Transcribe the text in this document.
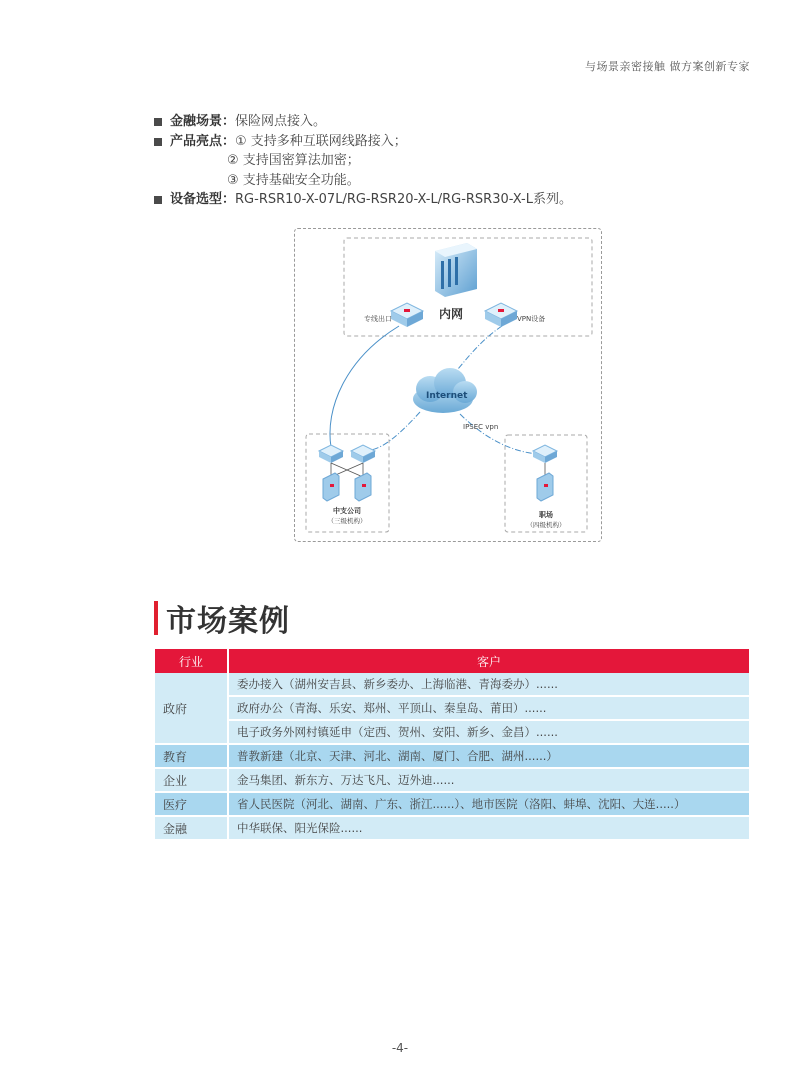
与场景亲密接触 做方案创新专家
金融场景： 保险网点接入。
产品亮点： ① 支持多种互联网线路接入；
② 支持国密算法加密；
③ 支持基础安全功能。
设备选型： RG-RSR10-X-07L/RG-RSR20-X-L/RG-RSR30-X-L系列。
内网
专线出口	VPN设备
Internet
IPSEC vpn
中支公司
（三级机构）
职场
（四级机构）
市场案例
行业	客户
政府	委办接入（湖州安吉县、新乡委办、上海临港、青海委办）......
	政府办公（青海、乐安、郑州、平顶山、秦皇岛、莆田）......
	电子政务外网村镇延申（定西、贺州、安阳、新乡、金昌）......
教育	普教新建（北京、天津、河北、湖南、厦门、合肥、湖州......）
企业	金马集团、新东方、万达飞凡、迈外迪......
医疗	省人民医院（河北、湖南、广东、浙江......）、地市医院（洛阳、蚌埠、沈阳、大连.....）
金融	中华联保、阳光保险......
-4-
